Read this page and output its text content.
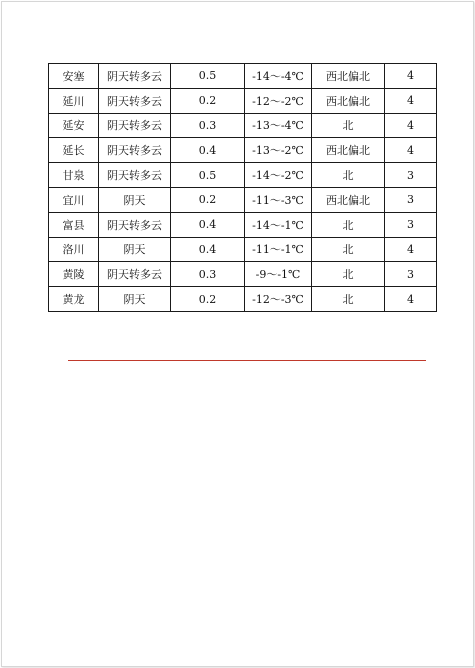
安塞	阴天转多云	0.5	-14～-4℃	西北偏北	4
延川	阴天转多云	0.2	-12～-2℃	西北偏北	4
延安	阴天转多云	0.3	-13～-4℃	北	4
延长	阴天转多云	0.4	-13～-2℃	西北偏北	4
甘泉	阴天转多云	0.5	-14～-2℃	北	3
宜川	阴天	0.2	-11～-3℃	西北偏北	3
富县	阴天转多云	0.4	-14～-1℃	北	3
洛川	阴天	0.4	-11～-1℃	北	4
黄陵	阴天转多云	0.3	-9～-1℃	北	3
黄龙	阴天	0.2	-12～-3℃	北	4
